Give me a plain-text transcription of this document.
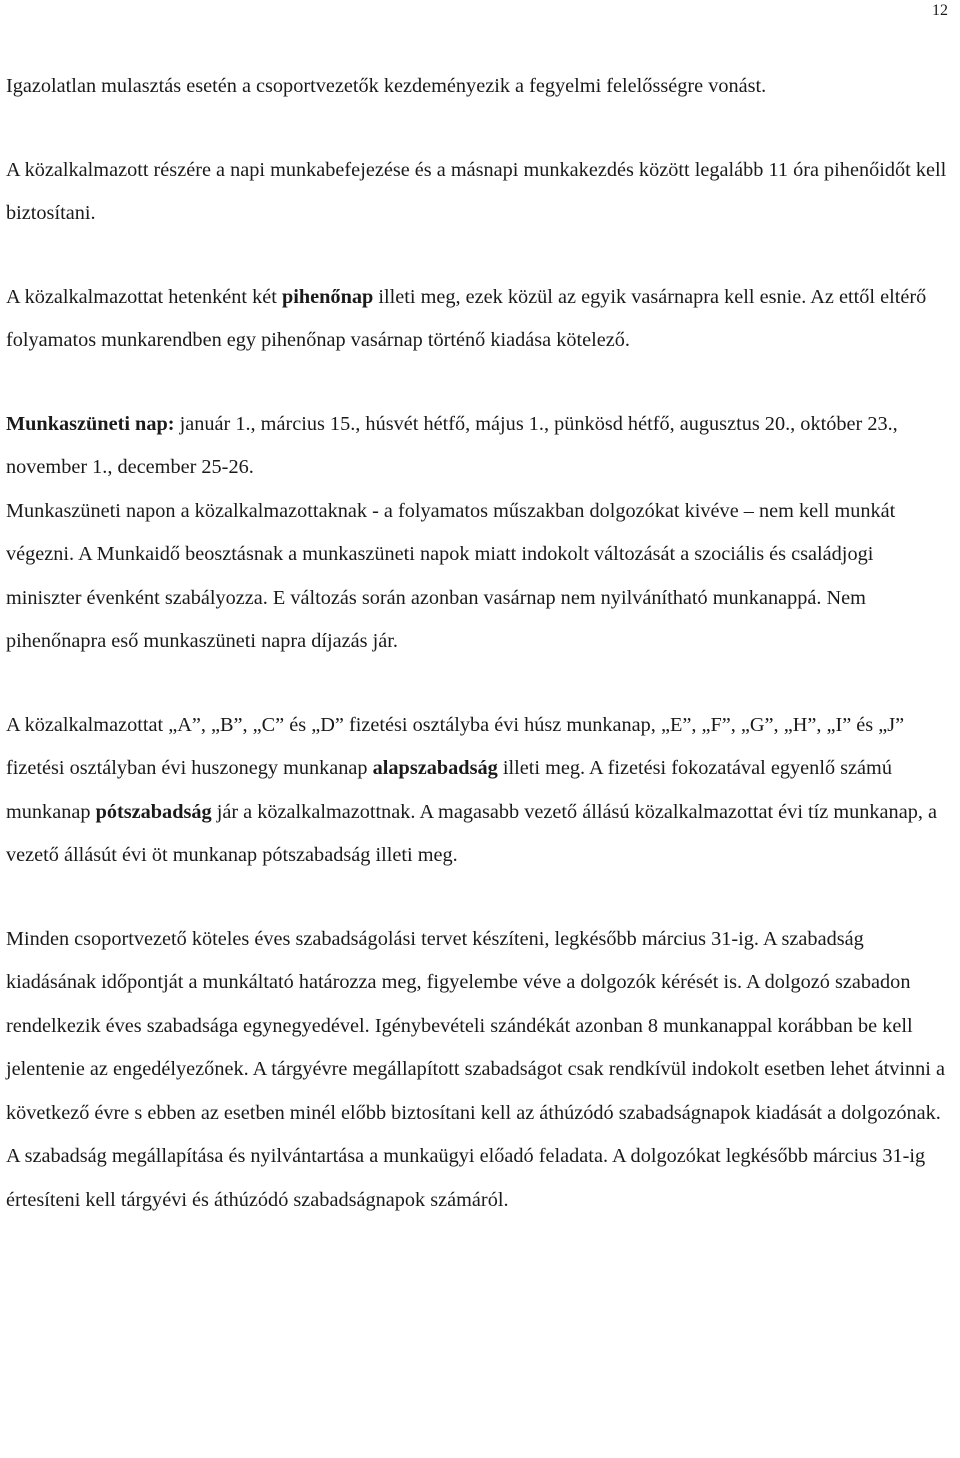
12

Igazolatlan mulasztás esetén a csoportvezetők kezdeményezik a fegyelmi felelősségre vonást.

A közalkalmazott részére a napi munkabefejezése és a másnapi munkakezdés között legalább 11 óra pihenőidőt kell biztosítani.

A közalkalmazottat hetenként két pihenőnap illeti meg, ezek közül az egyik vasárnapra kell esnie. Az ettől eltérő folyamatos munkarendben egy pihenőnap vasárnap történő kiadása kötelező.

Munkaszüneti nap: január 1., március 15., húsvét hétfő, május 1., pünkösd hétfő, augusztus 20., október 23., november 1., december 25-26.

Munkaszüneti napon a közalkalmazottaknak - a folyamatos műszakban dolgozókat kivéve – nem kell munkát végezni. A Munkaidő beosztásnak a munkaszüneti napok miatt indokolt változását a szociális és családjogi miniszter évenként szabályozza. E változás során azonban vasárnap nem nyilvánítható munkanappá. Nem pihenőnapra eső munkaszüneti napra díjazás jár.

A közalkalmazottat „A”, „B”, „C” és „D” fizetési osztályba évi húsz munkanap, „E”, „F”, „G”, „H”, „I” és „J” fizetési osztályban évi huszonegy munkanap alapszabadság illeti meg. A fizetési fokozatával egyenlő számú munkanap pótszabadság jár a közalkalmazottnak. A magasabb vezető állású közalkalmazottat évi tíz munkanap, a vezető állásút évi öt munkanap pótszabadság illeti meg.

Minden csoportvezető köteles éves szabadságolási tervet készíteni, legkésőbb március 31-ig. A szabadság kiadásának időpontját a munkáltató határozza meg, figyelembe véve a dolgozók kérését is. A dolgozó szabadon rendelkezik éves szabadsága egynegyedével. Igénybevételi szándékát azonban 8 munkanappal korábban be kell jelentenie az engedélyezőnek. A tárgyévre megállapított szabadságot csak rendkívül indokolt esetben lehet átvinni a következő évre s ebben az esetben minél előbb biztosítani kell az áthúzódó szabadságnapok kiadását a dolgozónak.

A szabadság megállapítása és nyilvántartása a munkaügyi előadó feladata. A dolgozókat legkésőbb március 31-ig értesíteni kell tárgyévi és áthúzódó szabadságnapok számáról.
